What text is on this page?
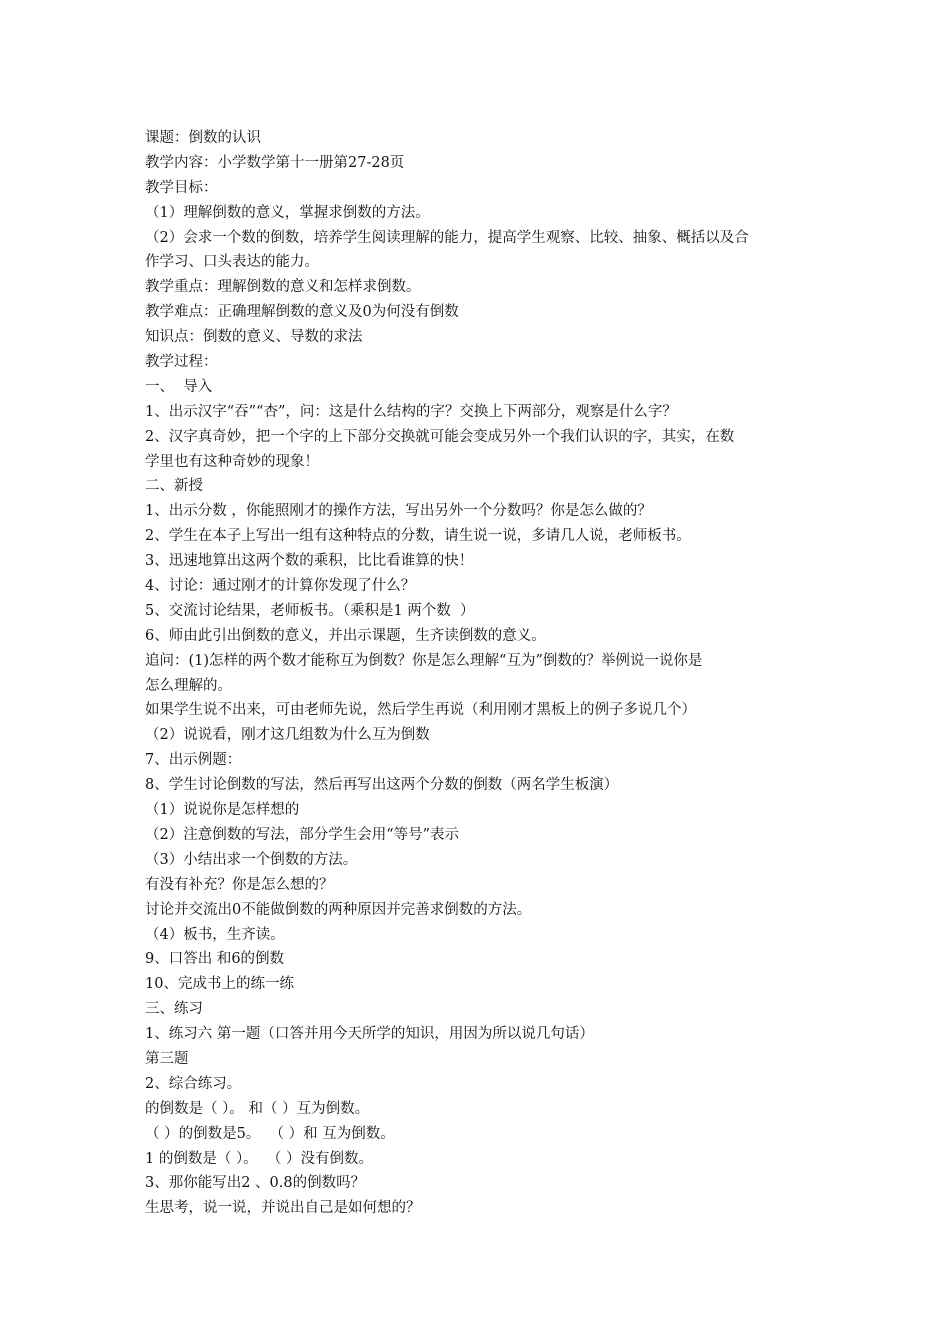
课题：倒数的认识
教学内容：小学数学第十一册第27-28页
教学目标：
（1）理解倒数的意义，掌握求倒数的方法。
（2）会求一个数的倒数，培养学生阅读理解的能力，提高学生观察、比较、抽象、概括以及合
作学习、口头表达的能力。
教学重点：理解倒数的意义和怎样求倒数。
教学难点：正确理解倒数的意义及0为何没有倒数
知识点：倒数的意义、导数的求法
教学过程：
一、  导入
1、出示汉字“吞”“杏”，问：这是什么结构的字？交换上下两部分，观察是什么字？
2、汉字真奇妙，把一个字的上下部分交换就可能会变成另外一个我们认识的字，其实，在数
学里也有这种奇妙的现象！
二、新授
1、出示分数 ，你能照刚才的操作方法，写出另外一个分数吗？你是怎么做的？
2、学生在本子上写出一组有这种特点的分数，请生说一说，多请几人说，老师板书。
3、迅速地算出这两个数的乘积，比比看谁算的快！
4、讨论：通过刚才的计算你发现了什么？
5、交流讨论结果，老师板书。（乘积是1 两个数  ）
6、师由此引出倒数的意义，并出示课题，生齐读倒数的意义。
追问：(1)怎样的两个数才能称互为倒数？你是怎么理解“互为”倒数的？举例说一说你是
怎么理解的。
如果学生说不出来，可由老师先说，然后学生再说（利用刚才黑板上的例子多说几个）
（2）说说看，刚才这几组数为什么互为倒数
7、出示例题：
8、学生讨论倒数的写法，然后再写出这两个分数的倒数（两名学生板演）
（1）说说你是怎样想的
（2）注意倒数的写法，部分学生会用“等号”表示
（3）小结出求一个倒数的方法。
有没有补充？你是怎么想的？
讨论并交流出0不能做倒数的两种原因并完善求倒数的方法。
（4）板书，生齐读。
9、口答出 和6的倒数
10、完成书上的练一练
三、练习
1、练习六 第一题（口答并用今天所学的知识，用因为所以说几句话）
第三题
2、综合练习。
的倒数是（ ）。 和（ ）互为倒数。
（ ）的倒数是5。  （ ）和 互为倒数。
1 的倒数是（ ）。  （ ）没有倒数。
3、那你能写出2 、0.8的倒数吗？
生思考，说一说，并说出自己是如何想的？
